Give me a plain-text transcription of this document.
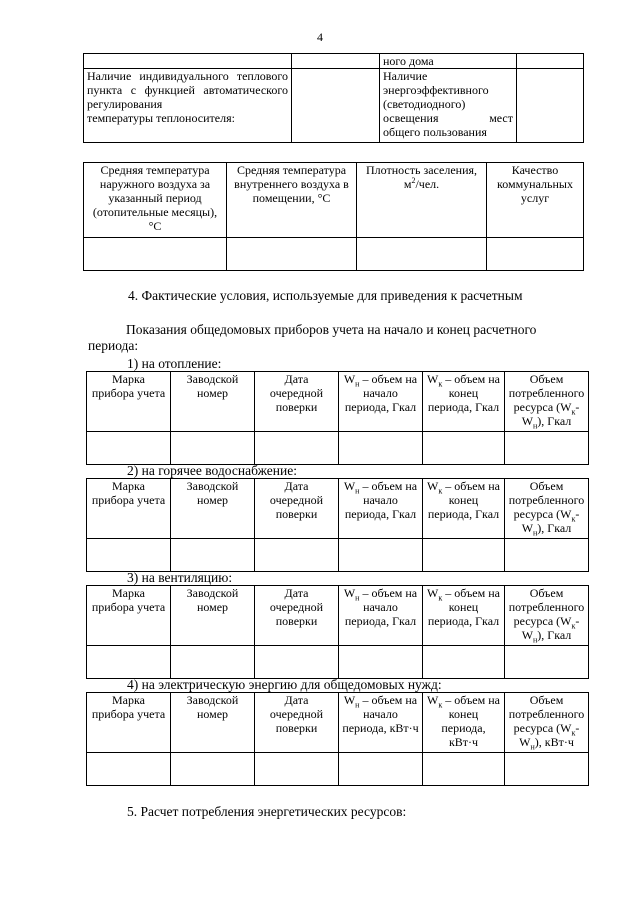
4
		ного дома	
Наличие индивидуального теплового пункта с функцией автоматического регулирования
температуры теплоносителя:		Наличие
энергоэффективного
(светодиодного)
освещения мест
общего пользования	

Средняя температура наружного воздуха за указанный период (отопительные месяцы), °С	Средняя температура внутреннего воздуха в помещении, °С	Плотность заселения, $м^2$/чел.	Качество коммунальных услуг

4. Фактические условия, используемые для приведения к расчетным
Показания общедомовых приборов учета на начало и конец расчетного периода:
1) на отопление:
Марка прибора учета	Заводской номер	Дата очередной поверки	$W_н$ – объем на начало периода, Гкал	$W_к$ – объем на конец периода, Гкал	Объем потребленного ресурса $(W_к-W_н)$, Гкал

2) на горячее водоснабжение:
Марка прибора учета	Заводской номер	Дата очередной поверки	$W_н$ – объем на начало периода, Гкал	$W_к$ – объем на конец периода, Гкал	Объем потребленного ресурса $(W_к-W_н)$, Гкал

3) на вентиляцию:
Марка прибора учета	Заводской номер	Дата очередной поверки	$W_н$ – объем на начало периода, Гкал	$W_к$ – объем на конец периода, Гкал	Объем потребленного ресурса $(W_к-W_н)$, Гкал

4) на электрическую энергию для общедомовых нужд:
Марка прибора учета	Заводской номер	Дата очередной поверки	$W_н$ – объем на начало периода, кВт·ч	$W_к$ – объем на конец периода, кВт·ч	Объем потребленного ресурса $(W_к-W_н)$, кВт·ч

5. Расчет потребления энергетических ресурсов:
